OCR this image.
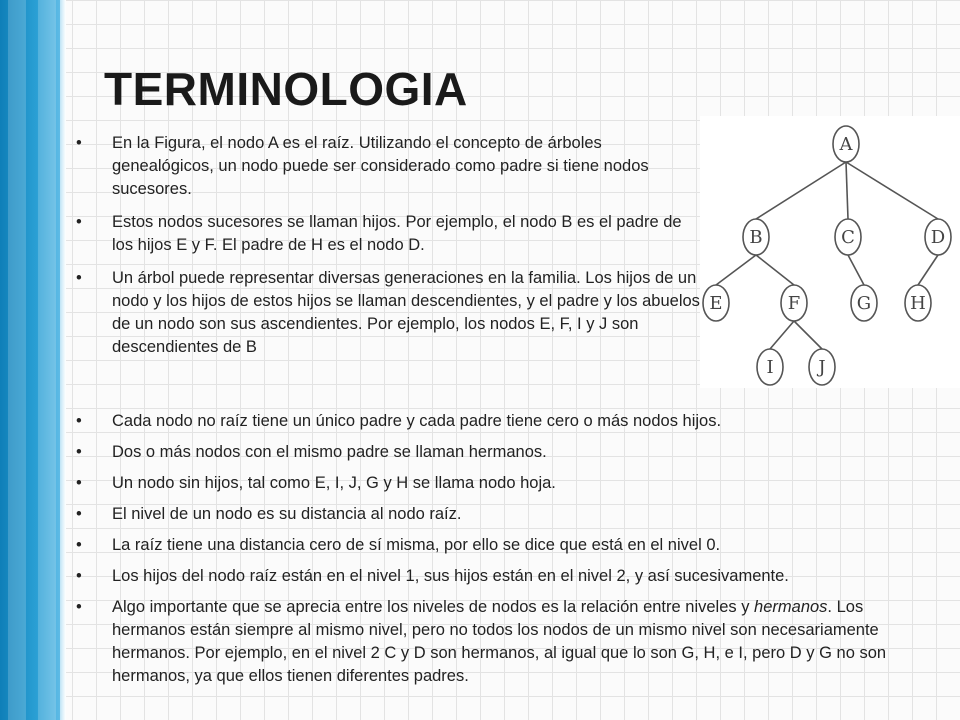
TERMINOLOGIA
• En la Figura, el nodo A es el raíz. Utilizando el concepto de árboles genealógicos, un nodo puede ser considerado como padre si tiene nodos sucesores.
• Estos nodos sucesores se llaman hijos. Por ejemplo, el nodo B es el padre de los hijos E y F. El padre de H es el nodo D.
• Un árbol puede representar diversas generaciones en la familia. Los hijos de un nodo y los hijos de estos hijos se llaman descendientes, y el padre y los abuelos de un nodo son sus ascendientes. Por ejemplo, los nodos E, F, I y J son descendientes de B
A
B	C	D
E	F	G H
I J
• Cada nodo no raíz tiene un único padre y cada padre tiene cero o más nodos hijos.
• Dos o más nodos con el mismo padre se llaman hermanos.
• Un nodo sin hijos, tal como E, I, J, G y H se llama nodo hoja.
• El nivel de un nodo es su distancia al nodo raíz.
• La raíz tiene una distancia cero de sí misma, por ello se dice que está en el nivel 0.
• Los hijos del nodo raíz están en el nivel 1, sus hijos están en el nivel 2, y así sucesivamente.
• Algo importante que se aprecia entre los niveles de nodos es la relación entre niveles y hermanos. Los hermanos están siempre al mismo nivel, pero no todos los nodos de un mismo nivel son necesariamente hermanos. Por ejemplo, en el nivel 2 C y D son hermanos, al igual que lo son G, H, e I, pero D y G no son hermanos, ya que ellos tienen diferentes padres.
